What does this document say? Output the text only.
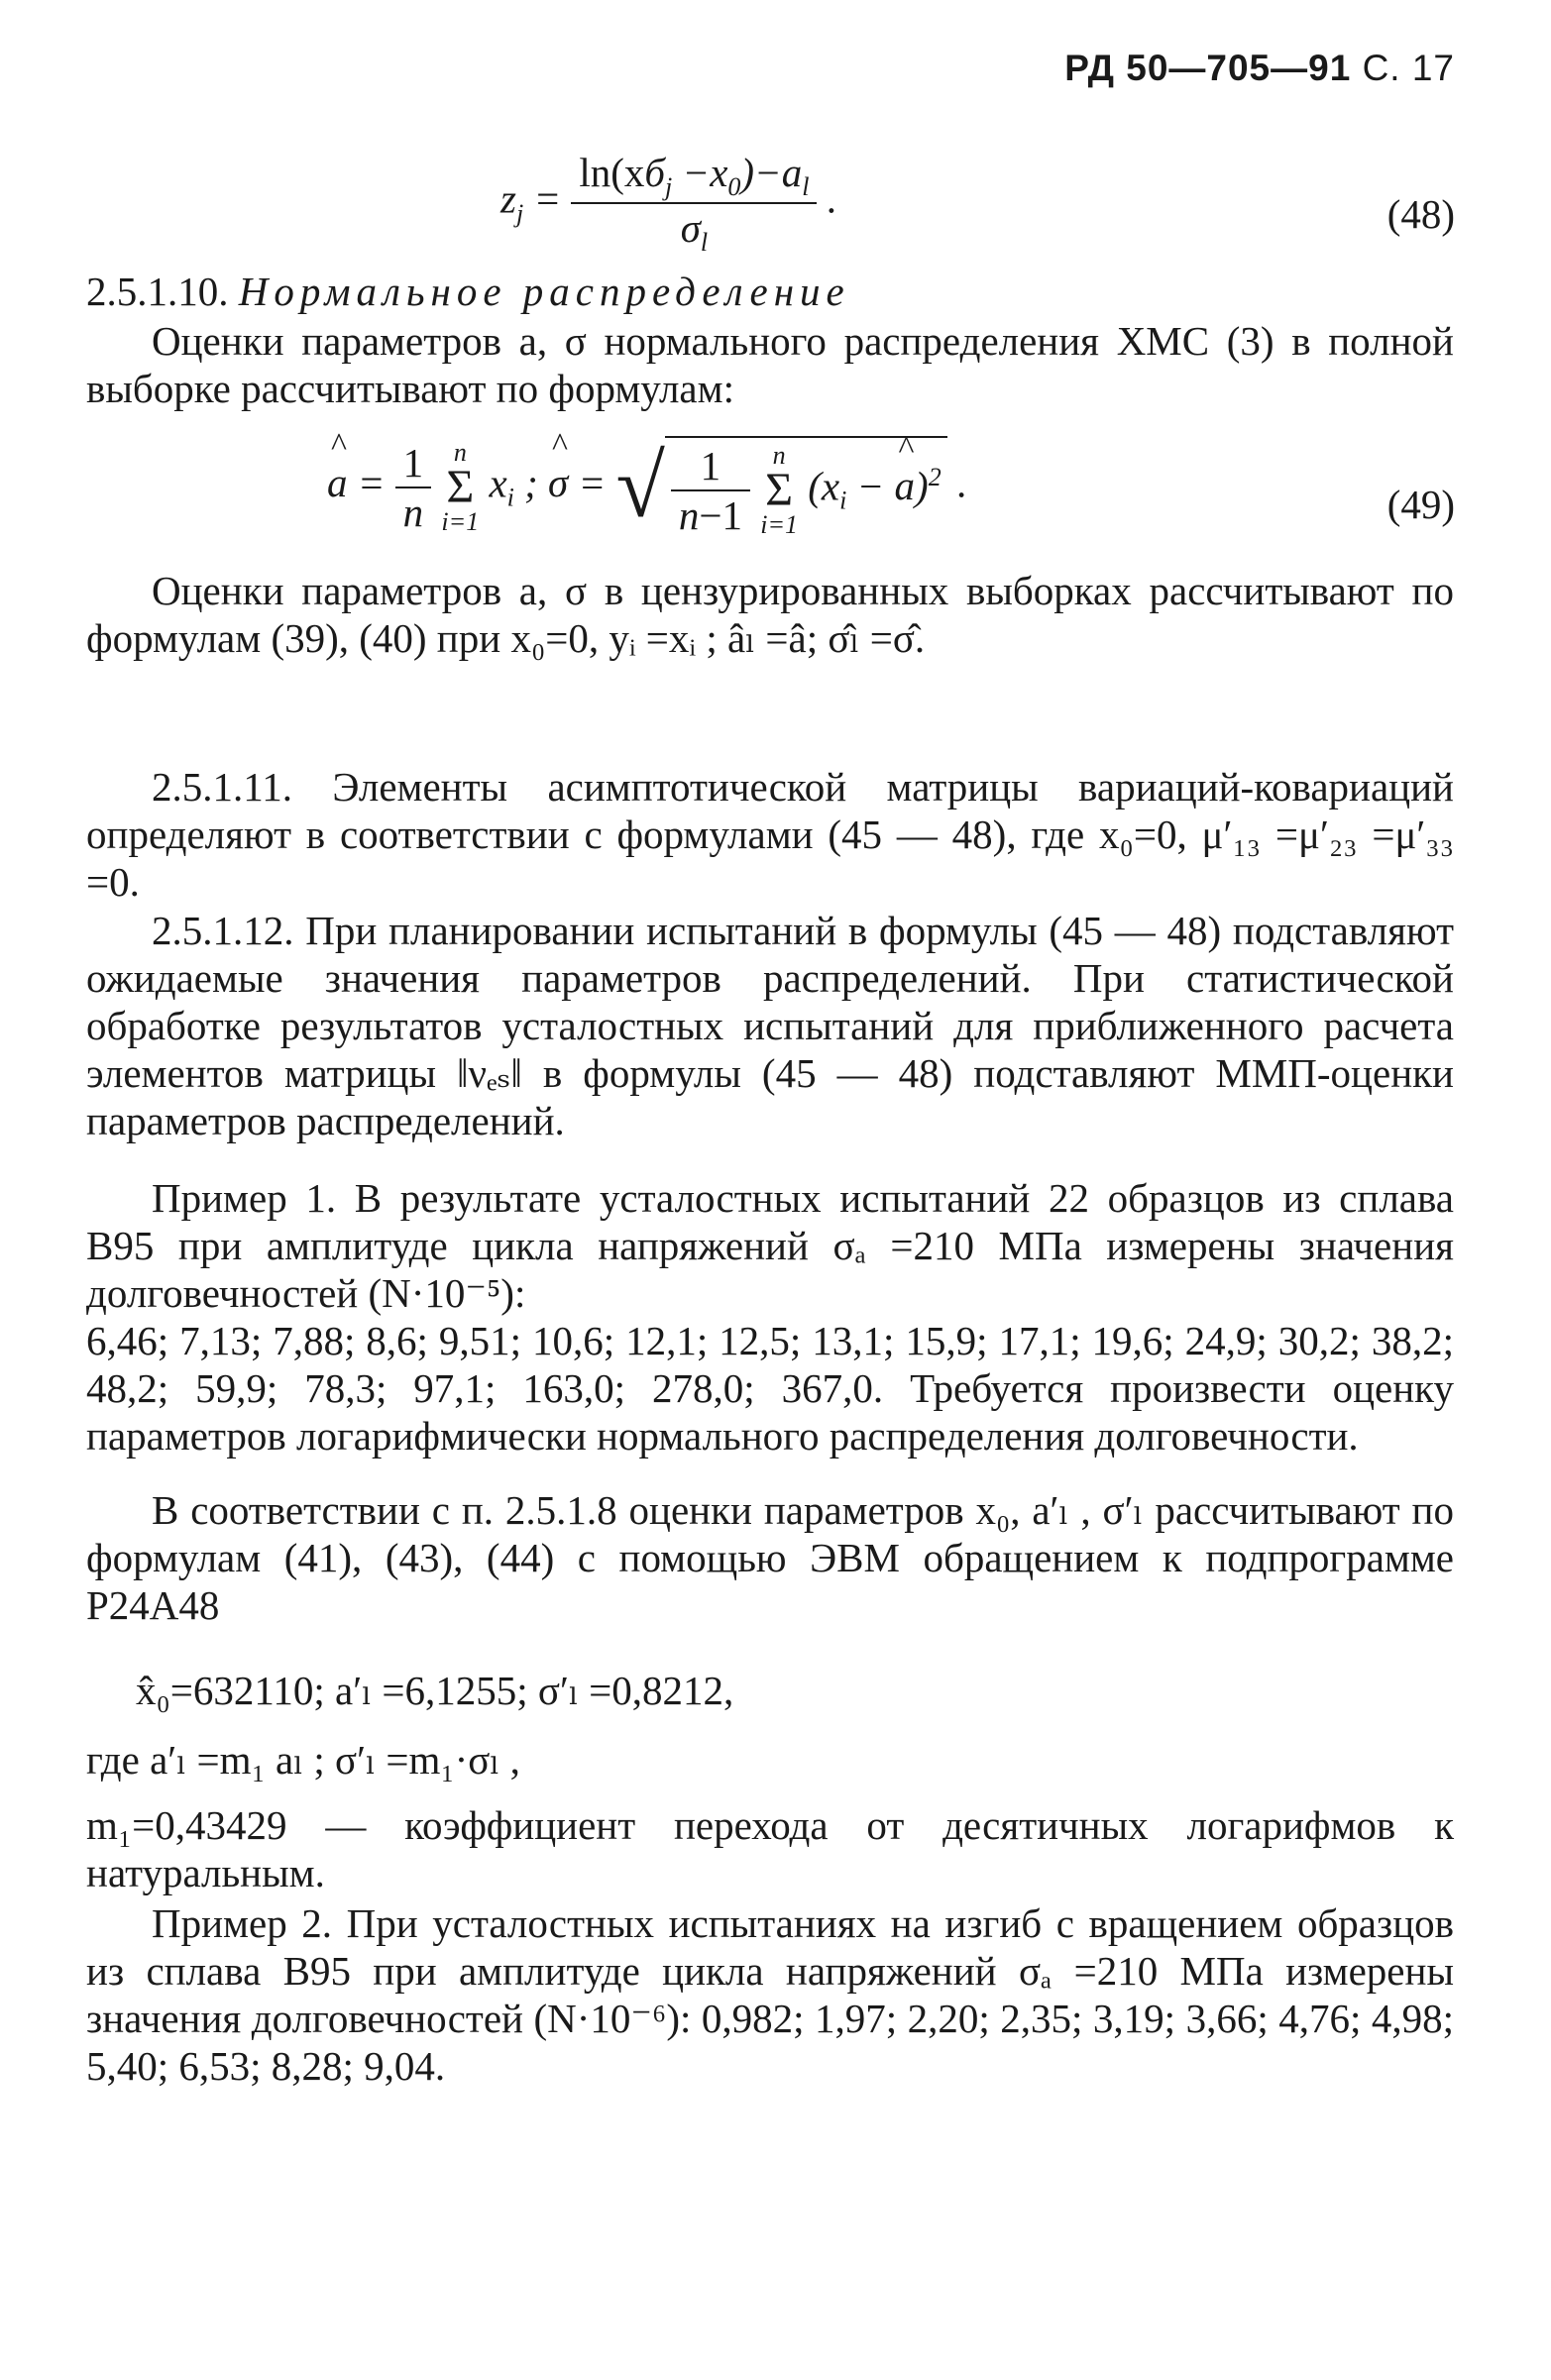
РД 50—705—91 С. 17
$z_j = \frac{\ln(xб_j -x_0)-a_l}{\sigma_l}$ .	(48)
2.5.1.10. Нормальное распределение

Оценки параметров a, σ нормального распределения ХМС (3) в полной выборке рассчитывают по формулам:

^ $a = \frac{1}{n}$
n
Σ
i=1
$x_i$ ; ^ σ = √ $\frac{1}{n-1}$
n
Σ
i=1
($x_i$ − ^ a)$^2$ .	(49)

Оценки параметров a, σ в цензурированных выборках рассчитывают по формулам (39), (40) при x₀=0, yᵢ =xᵢ ; âₗ =â; σ̂ₗ =σ̂.

2.5.1.11. Элементы асимптотической матрицы вариаций-ковариаций определяют в соответствии с формулами (45 — 48), где x₀=0, μ′₁₃ =μ′₂₃ =μ′₃₃ =0.

2.5.1.12. При планировании испытаний в формулы (45 — 48) подставляют ожидаемые значения параметров распределений. При статистической обработке результатов усталостных испытаний для приближенного расчета элементов матрицы ‖νₑₛ‖ в формулы (45 — 48) подставляют ММП-оценки параметров распределений.

Пример 1. В результате усталостных испытаний 22 образцов из сплава В95 при амплитуде цикла напряжений σₐ =210 МПа измерены значения долговечностей (N·10⁻⁵):

6,46; 7,13; 7,88; 8,6; 9,51; 10,6; 12,1; 12,5; 13,1; 15,9; 17,1; 19,6; 24,9; 30,2; 38,2; 48,2; 59,9; 78,3; 97,1; 163,0; 278,0; 367,0. Требуется произвести оценку параметров логарифмически нормального распределения долговечности.

В соответствии с п. 2.5.1.8 оценки параметров x₀, a′ₗ , σ′ₗ рассчитывают по формулам (41), (43), (44) с помощью ЭВМ обращением к подпрограмме Р24А48

x̂₀=632110; a′ₗ =6,1255; σ′ₗ =0,8212,
где a′ₗ =m₁ aₗ ; σ′ₗ =m₁·σₗ ,

m₁=0,43429 — коэффициент перехода от десятичных логарифмов к натуральным.

Пример 2. При усталостных испытаниях на изгиб с вращением образцов из сплава В95 при амплитуде цикла напряжений σₐ =210 МПа измерены значения долговечностей (N·10⁻⁶): 0,982; 1,97; 2,20; 2,35; 3,19; 3,66; 4,76; 4,98; 5,40; 6,53; 8,28; 9,04.
